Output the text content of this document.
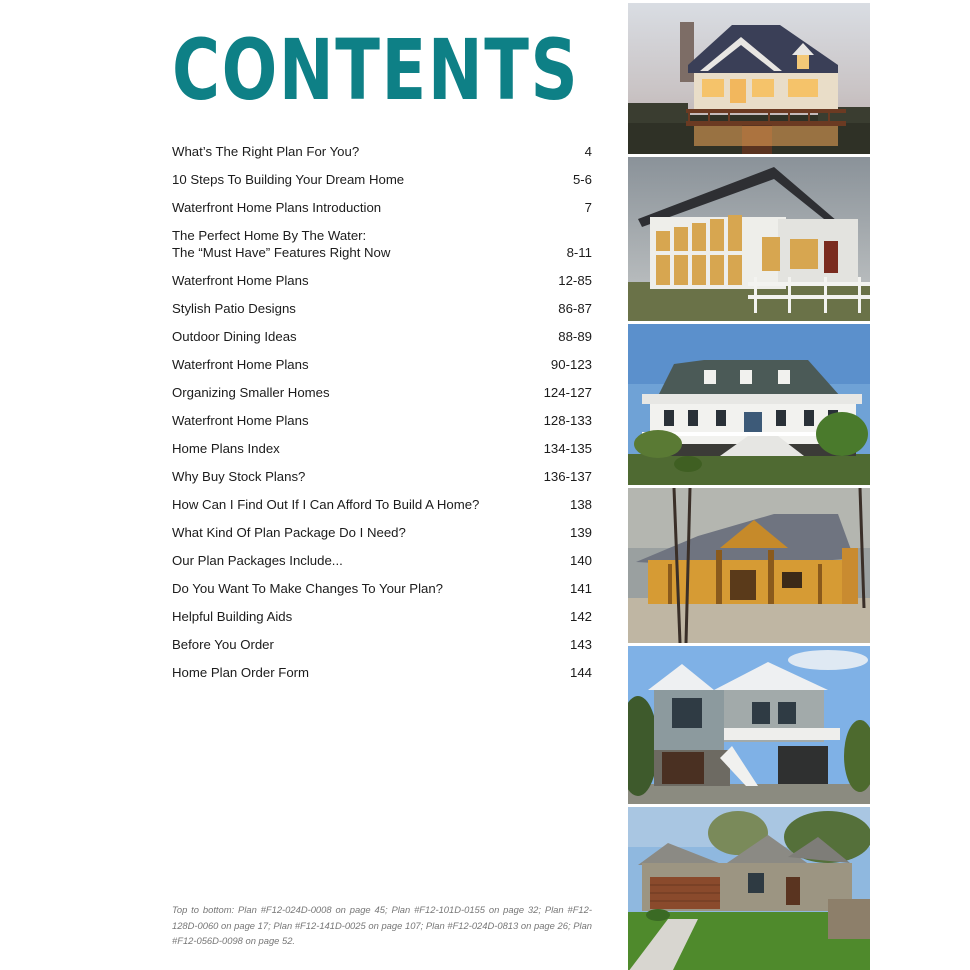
CONTENTS
What’s The Right Plan For You?	4
10 Steps To Building Your Dream Home	5-6
Waterfront Home Plans Introduction	7
The Perfect Home By The Water:
The “Must Have” Features Right Now	8-11
Waterfront Home Plans	12-85
Stylish Patio Designs	86-87
Outdoor Dining Ideas	88-89
Waterfront Home Plans	90-123
Organizing Smaller Homes	124-127
Waterfront Home Plans	128-133
Home Plans Index	134-135
Why Buy Stock Plans?	136-137
How Can I Find Out If I Can Afford To Build A Home?	138
What Kind Of Plan Package Do I Need?	139
Our Plan Packages Include...	140
Do You Want To Make Changes To Your Plan?	141
Helpful Building Aids	142
Before You Order	143
Home Plan Order Form	144

Top to bottom: Plan #F12-024D-0008 on page 45; Plan #F12-101D-0155 on page 32; Plan #F12-128D-0060 on page 17; Plan #F12-141D-0025 on page 107; Plan #F12-024D-0813 on page 26; Plan #F12-056D-0098 on page 52.
